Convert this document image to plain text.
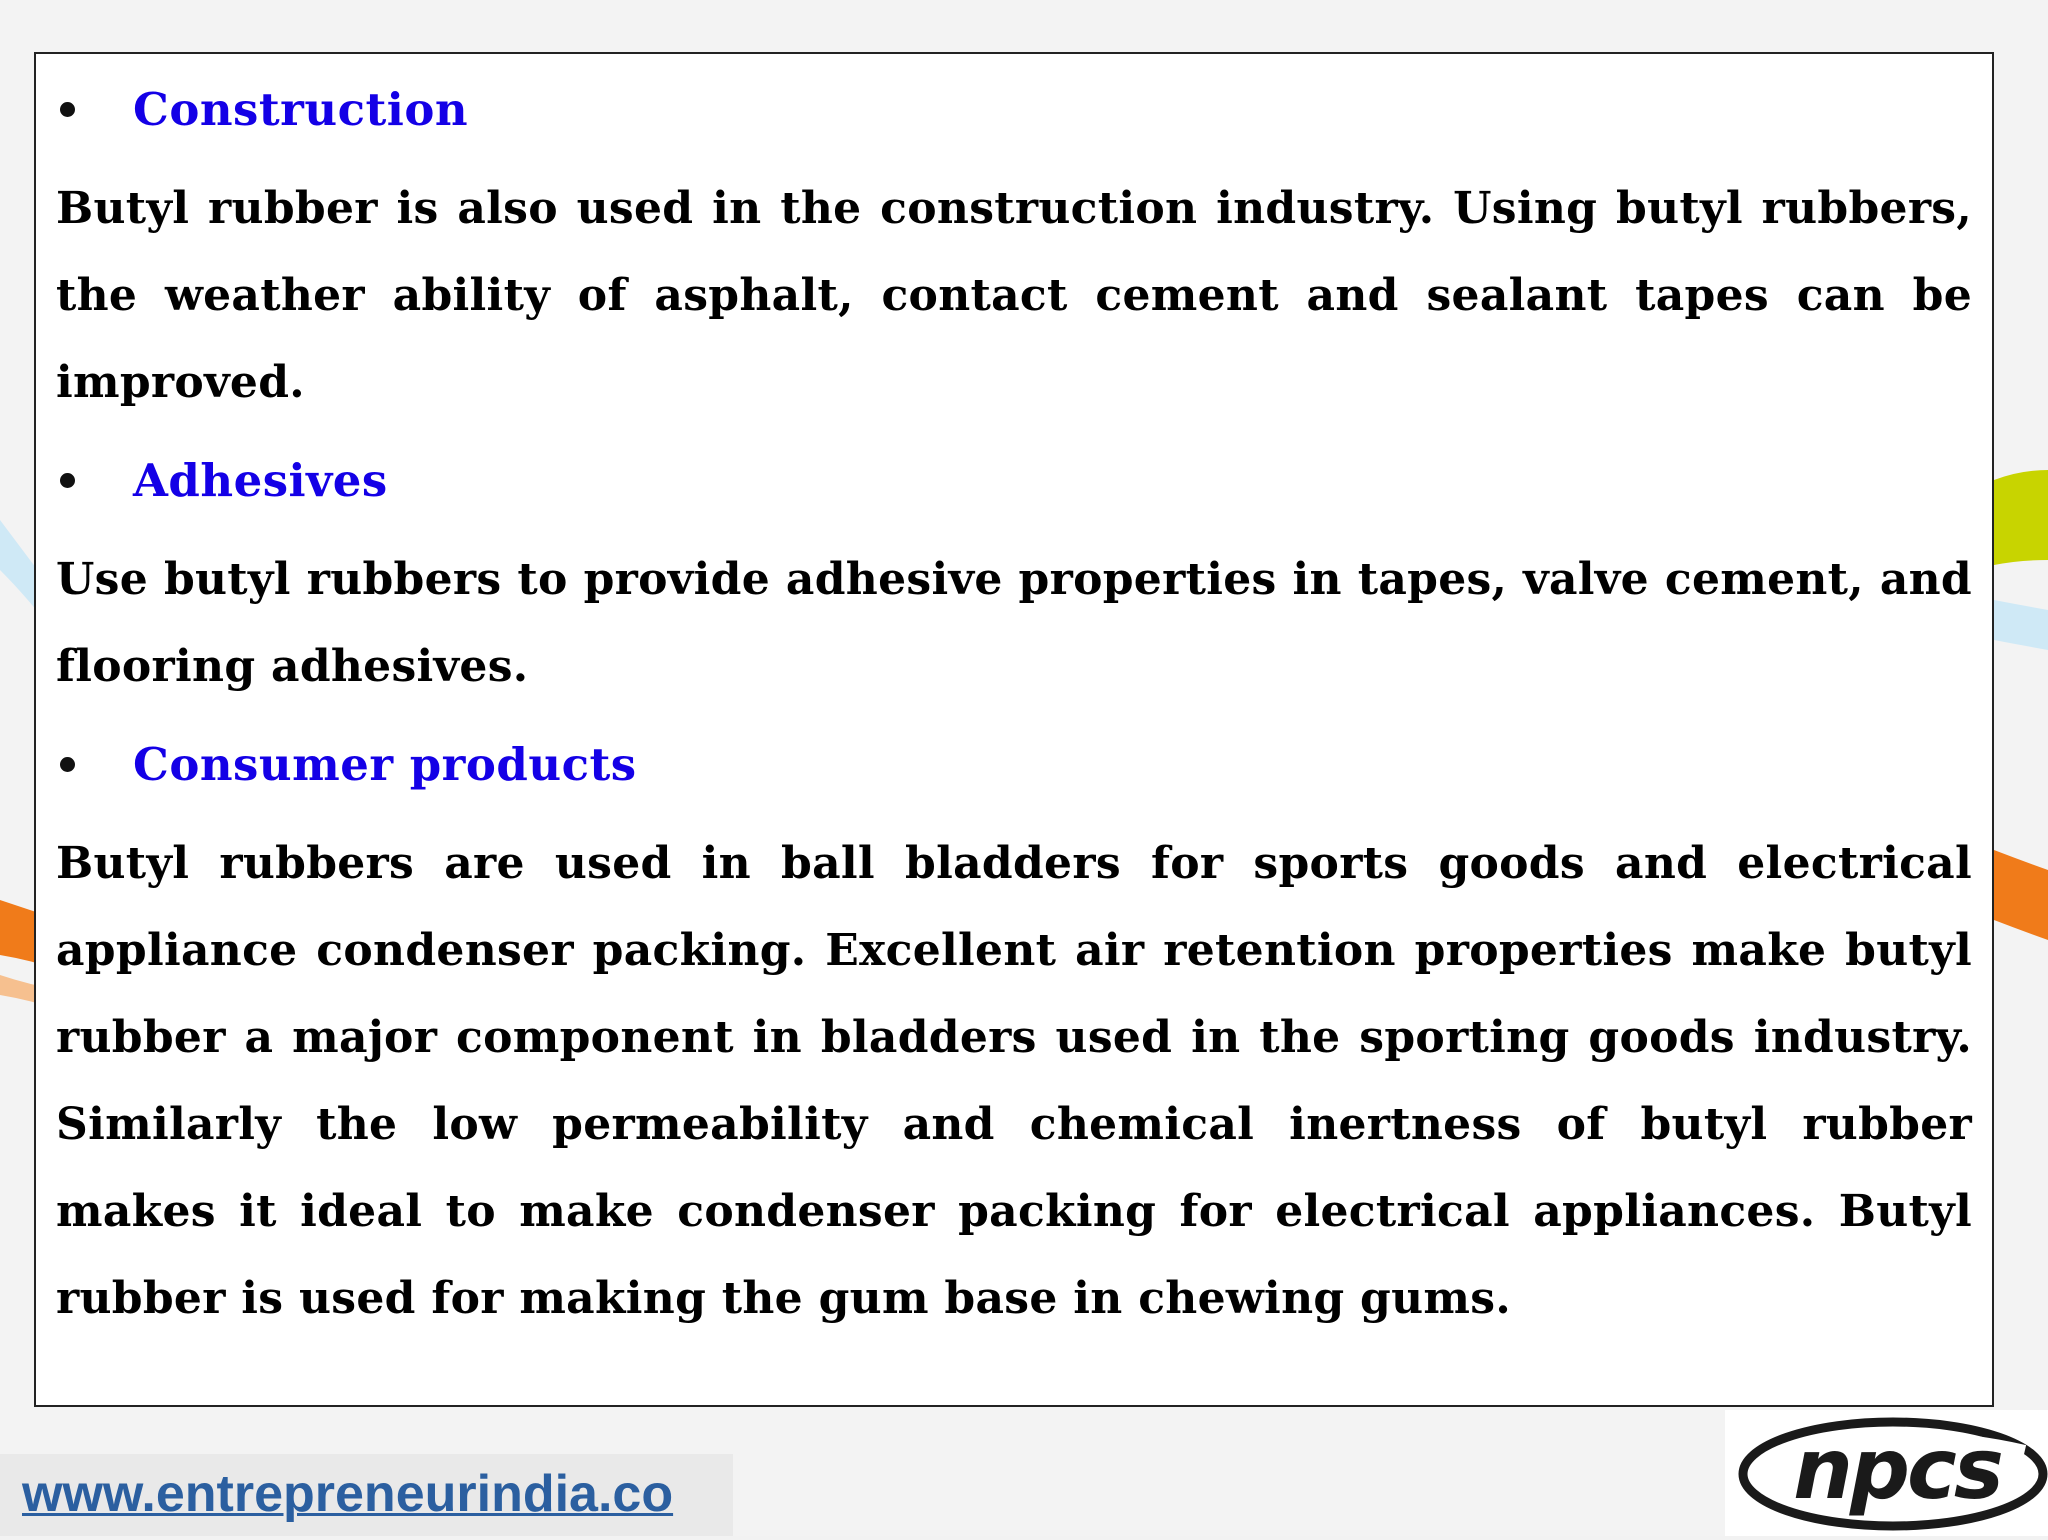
Construction

Butyl rubber is also used in the construction industry. Using butyl rubbers, the weather ability of asphalt, contact cement and sealant tapes can be improved.

Adhesives

Use butyl rubbers to provide adhesive properties in tapes, valve cement, and flooring adhesives.

Consumer products

Butyl rubbers are used in ball bladders for sports goods and electrical appliance condenser packing. Excellent air retention properties make butyl rubber a major component in bladders used in the sporting goods industry. Similarly the low permeability and chemical inertness of butyl rubber makes it ideal to make condenser packing for electrical appliances. Butyl rubber is used for making the gum base in chewing gums.

www.entrepreneurindia.co	npcs
